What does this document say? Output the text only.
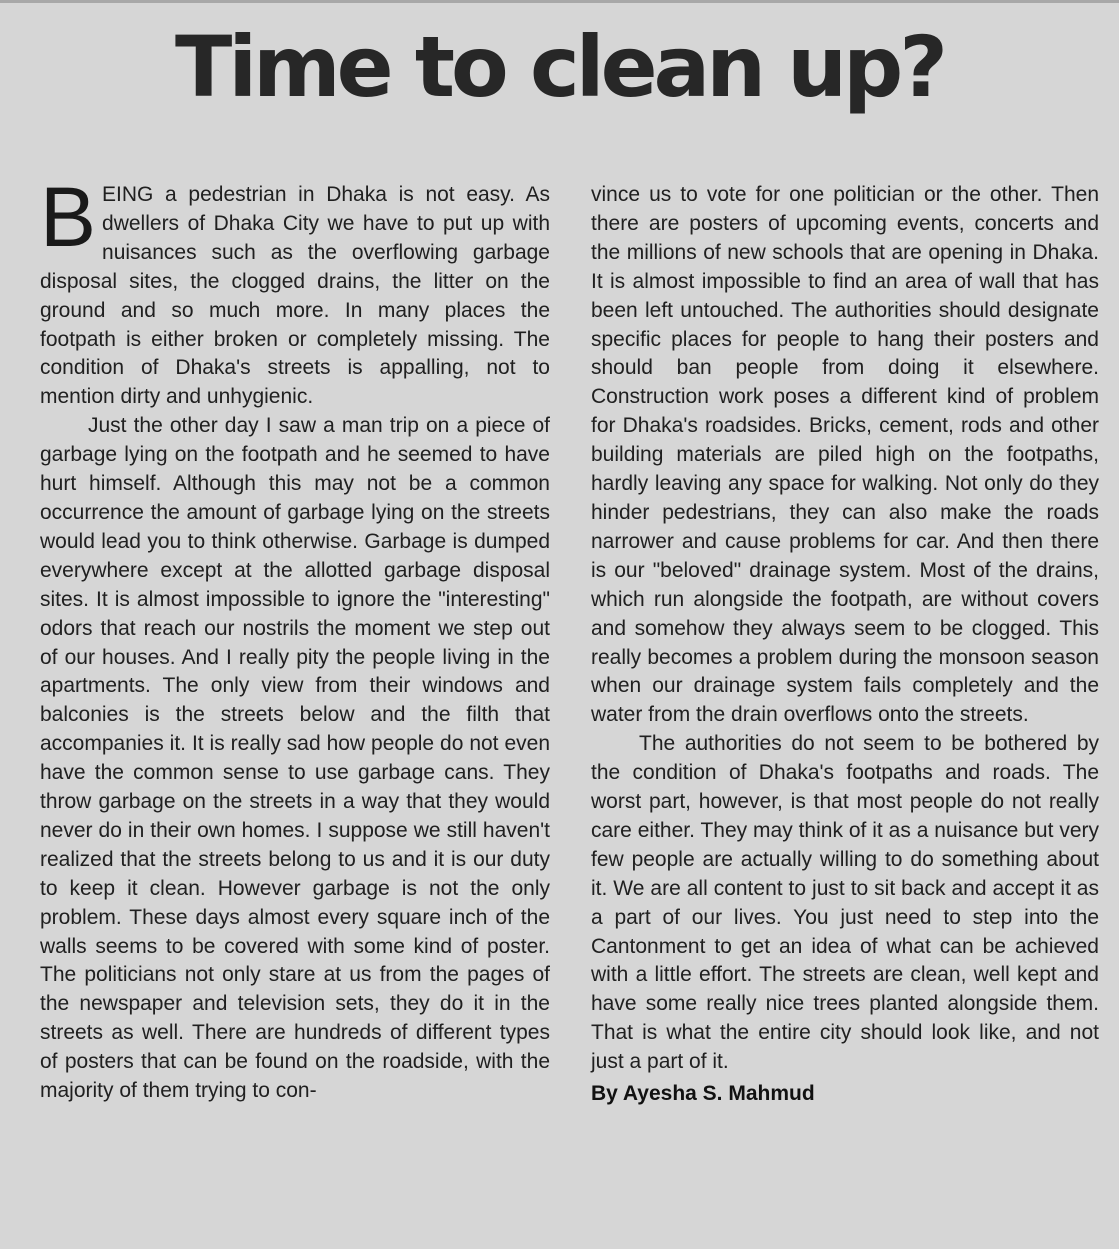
Time to clean up?

BEING a pedestrian in Dhaka is not easy. As dwellers of Dhaka City we have to put up with nuisances such as the overflowing garbage disposal sites, the clogged drains, the litter on the ground and so much more. In many places the footpath is either broken or completely missing. The condition of Dhaka's streets is appalling, not to mention dirty and unhygienic.

Just the other day I saw a man trip on a piece of garbage lying on the footpath and he seemed to have hurt himself. Although this may not be a common occurrence the amount of garbage lying on the streets would lead you to think otherwise. Garbage is dumped everywhere except at the allotted garbage disposal sites. It is almost impossible to ignore the "interesting" odors that reach our nostrils the moment we step out of our houses. And I really pity the people living in the apartments. The only view from their windows and balconies is the streets below and the filth that accompanies it. It is really sad how people do not even have the common sense to use garbage cans. They throw garbage on the streets in a way that they would never do in their own homes. I suppose we still haven't realized that the streets belong to us and it is our duty to keep it clean. However garbage is not the only problem. These days almost every square inch of the walls seems to be covered with some kind of poster. The politicians not only stare at us from the pages of the newspaper and television sets, they do it in the streets as well. There are hundreds of different types of posters that can be found on the roadside, with the majority of them trying to con-

vince us to vote for one politician or the other. Then there are posters of upcoming events, concerts and the millions of new schools that are opening in Dhaka. It is almost impossible to find an area of wall that has been left untouched. The authorities should designate specific places for people to hang their posters and should ban people from doing it elsewhere. Construction work poses a different kind of problem for Dhaka's roadsides. Bricks, cement, rods and other building materials are piled high on the footpaths, hardly leaving any space for walking. Not only do they hinder pedestrians, they can also make the roads narrower and cause problems for car. And then there is our "beloved" drainage system. Most of the drains, which run alongside the footpath, are without covers and somehow they always seem to be clogged. This really becomes a problem during the monsoon season when our drainage system fails completely and the water from the drain overflows onto the streets.

The authorities do not seem to be bothered by the condition of Dhaka's footpaths and roads. The worst part, however, is that most people do not really care either. They may think of it as a nuisance but very few people are actually willing to do something about it. We are all content to just to sit back and accept it as a part of our lives. You just need to step into the Cantonment to get an idea of what can be achieved with a little effort. The streets are clean, well kept and have some really nice trees planted alongside them. That is what the entire city should look like, and not just a part of it.

By Ayesha S. Mahmud
